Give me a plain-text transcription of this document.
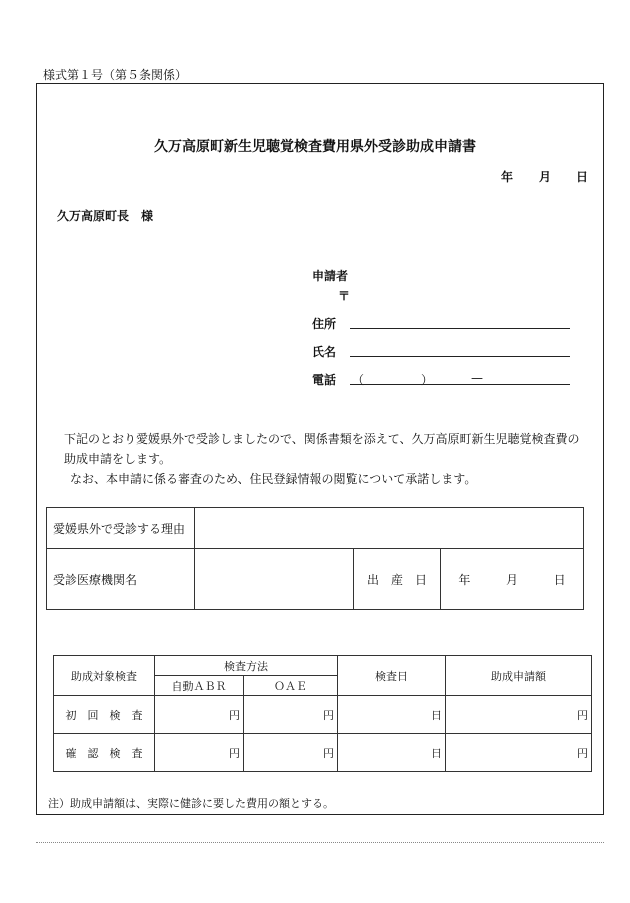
様式第１号（第５条関係）
久万高原町新生児聴覚検査費用県外受診助成申請書
年 月 日
久万高原町長　様
申請者
〒
住所
氏名
電話 （	）	—
下記のとおり愛媛県外で受診しましたので、関係書類を添えて、久万高原町新生児聴覚検査費の
助成申請をします。
なお、本申請に係る審査のため、住民登録情報の閲覧について承諾します。
愛媛県外で受診する理由			
受診医療機関名		出　産　日	年 月 日
助成対象検査	検査方法		検査日	助成申請額
	自動ＡＢＲ	ＯＡＥ		
初　回　検　査	円	円	日	円
確　認　検　査	円	円	日	円
注）助成申請額は、実際に健診に要した費用の額とする。
